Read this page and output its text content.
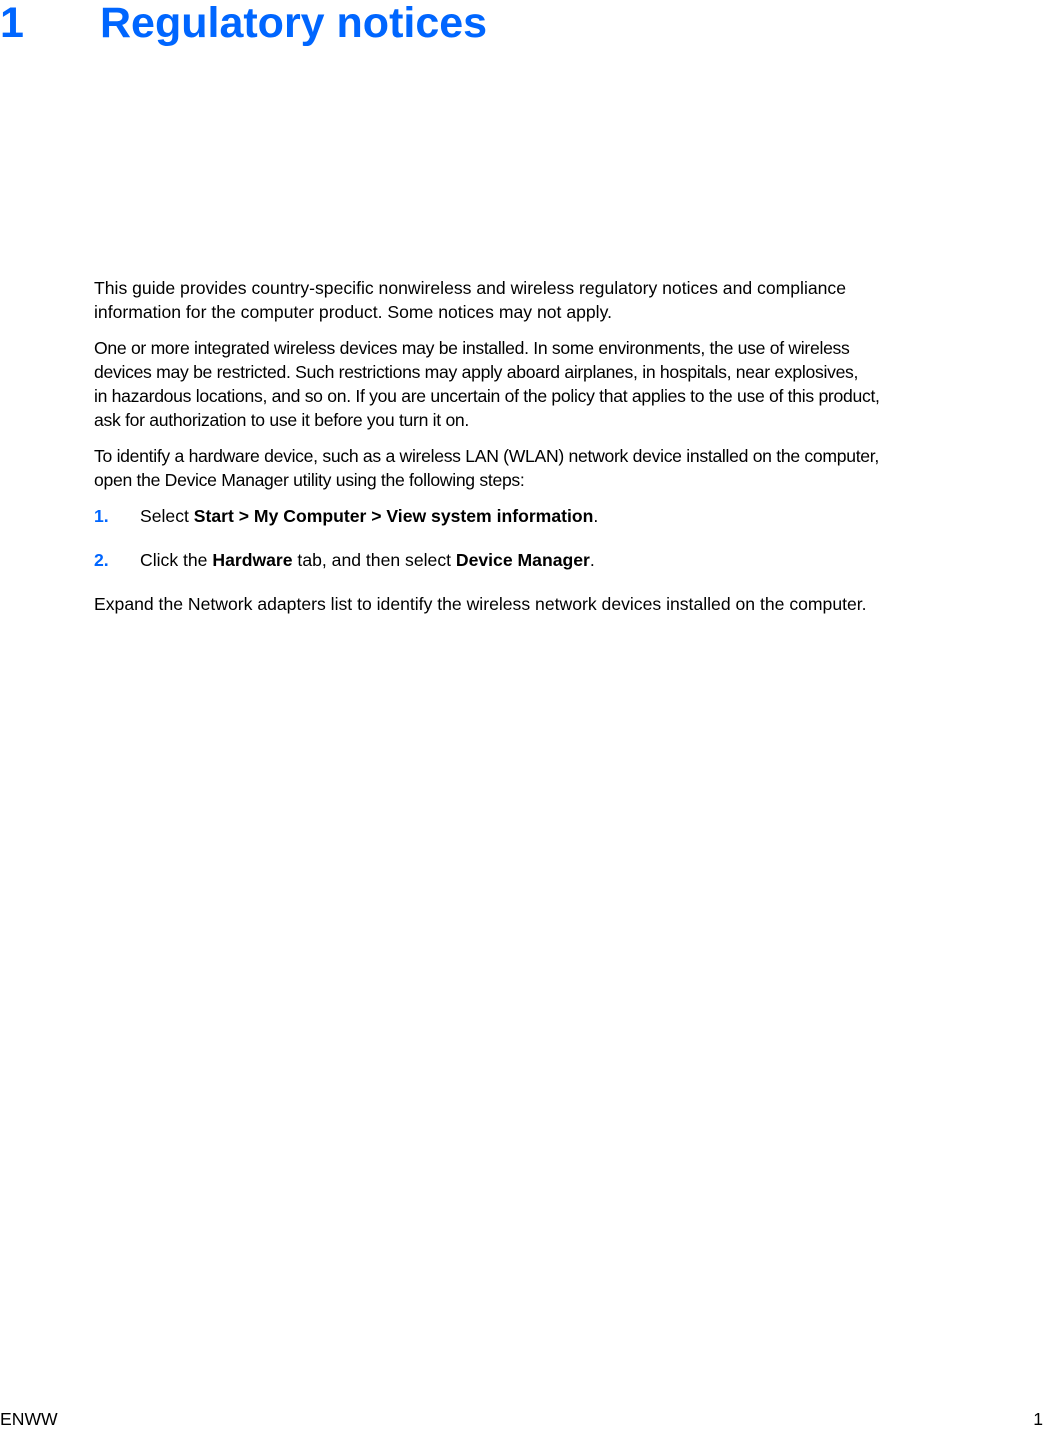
1 Regulatory notices

This guide provides country-specific nonwireless and wireless regulatory notices and compliance
information for the computer product. Some notices may not apply.

One or more integrated wireless devices may be installed. In some environments, the use of wireless
devices may be restricted. Such restrictions may apply aboard airplanes, in hospitals, near explosives,
in hazardous locations, and so on. If you are uncertain of the policy that applies to the use of this product,
ask for authorization to use it before you turn it on.

To identify a hardware device, such as a wireless LAN (WLAN) network device installed on the computer,
open the Device Manager utility using the following steps:

1. Select Start > My Computer > View system information.
2. Click the Hardware tab, and then select Device Manager.

Expand the Network adapters list to identify the wireless network devices installed on the computer.

ENWW	1
